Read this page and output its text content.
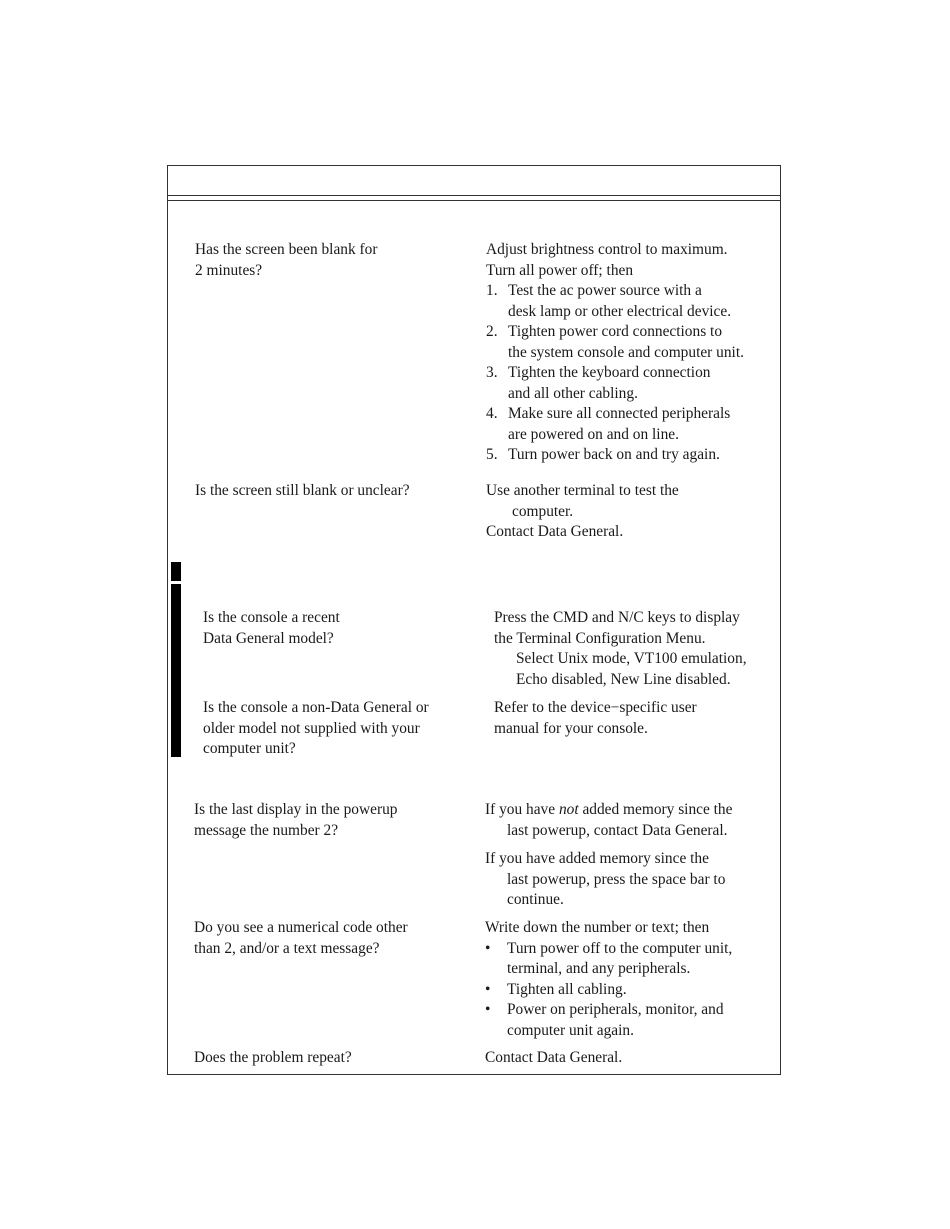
Has the screen been blank for
2 minutes?
Adjust brightness control to maximum.
Turn all power off; then
1. Test the ac power source with a
desk lamp or other electrical device.
2. Tighten power cord connections to
the system console and computer unit.
3. Tighten the keyboard connection
and all other cabling.
4. Make sure all connected peripherals
are powered on and on line.
5. Turn power back on and try again.
Is the screen still blank or unclear?	Use another terminal to test the
computer.
Contact Data General.
Is the console a recent
Data General model?
Press the CMD and N/C keys to display
the Terminal Configuration Menu.
Select Unix mode, VT100 emulation,
Echo disabled, New Line disabled.
Is the console a non-Data General or
older model not supplied with your
computer unit?
Refer to the device−specific user
manual for your console.
Is the last display in the powerup
message the number 2?
If you have not added memory since the
last powerup, contact Data General.
If you have added memory since the
last powerup, press the space bar to
continue.
Do you see a numerical code other
than 2, and/or a text message?
Write down the number or text; then
• Turn power off to the computer unit,
terminal, and any peripherals.
• Tighten all cabling.
• Power on peripherals, monitor, and
computer unit again.
Does the problem repeat?	Contact Data General.
